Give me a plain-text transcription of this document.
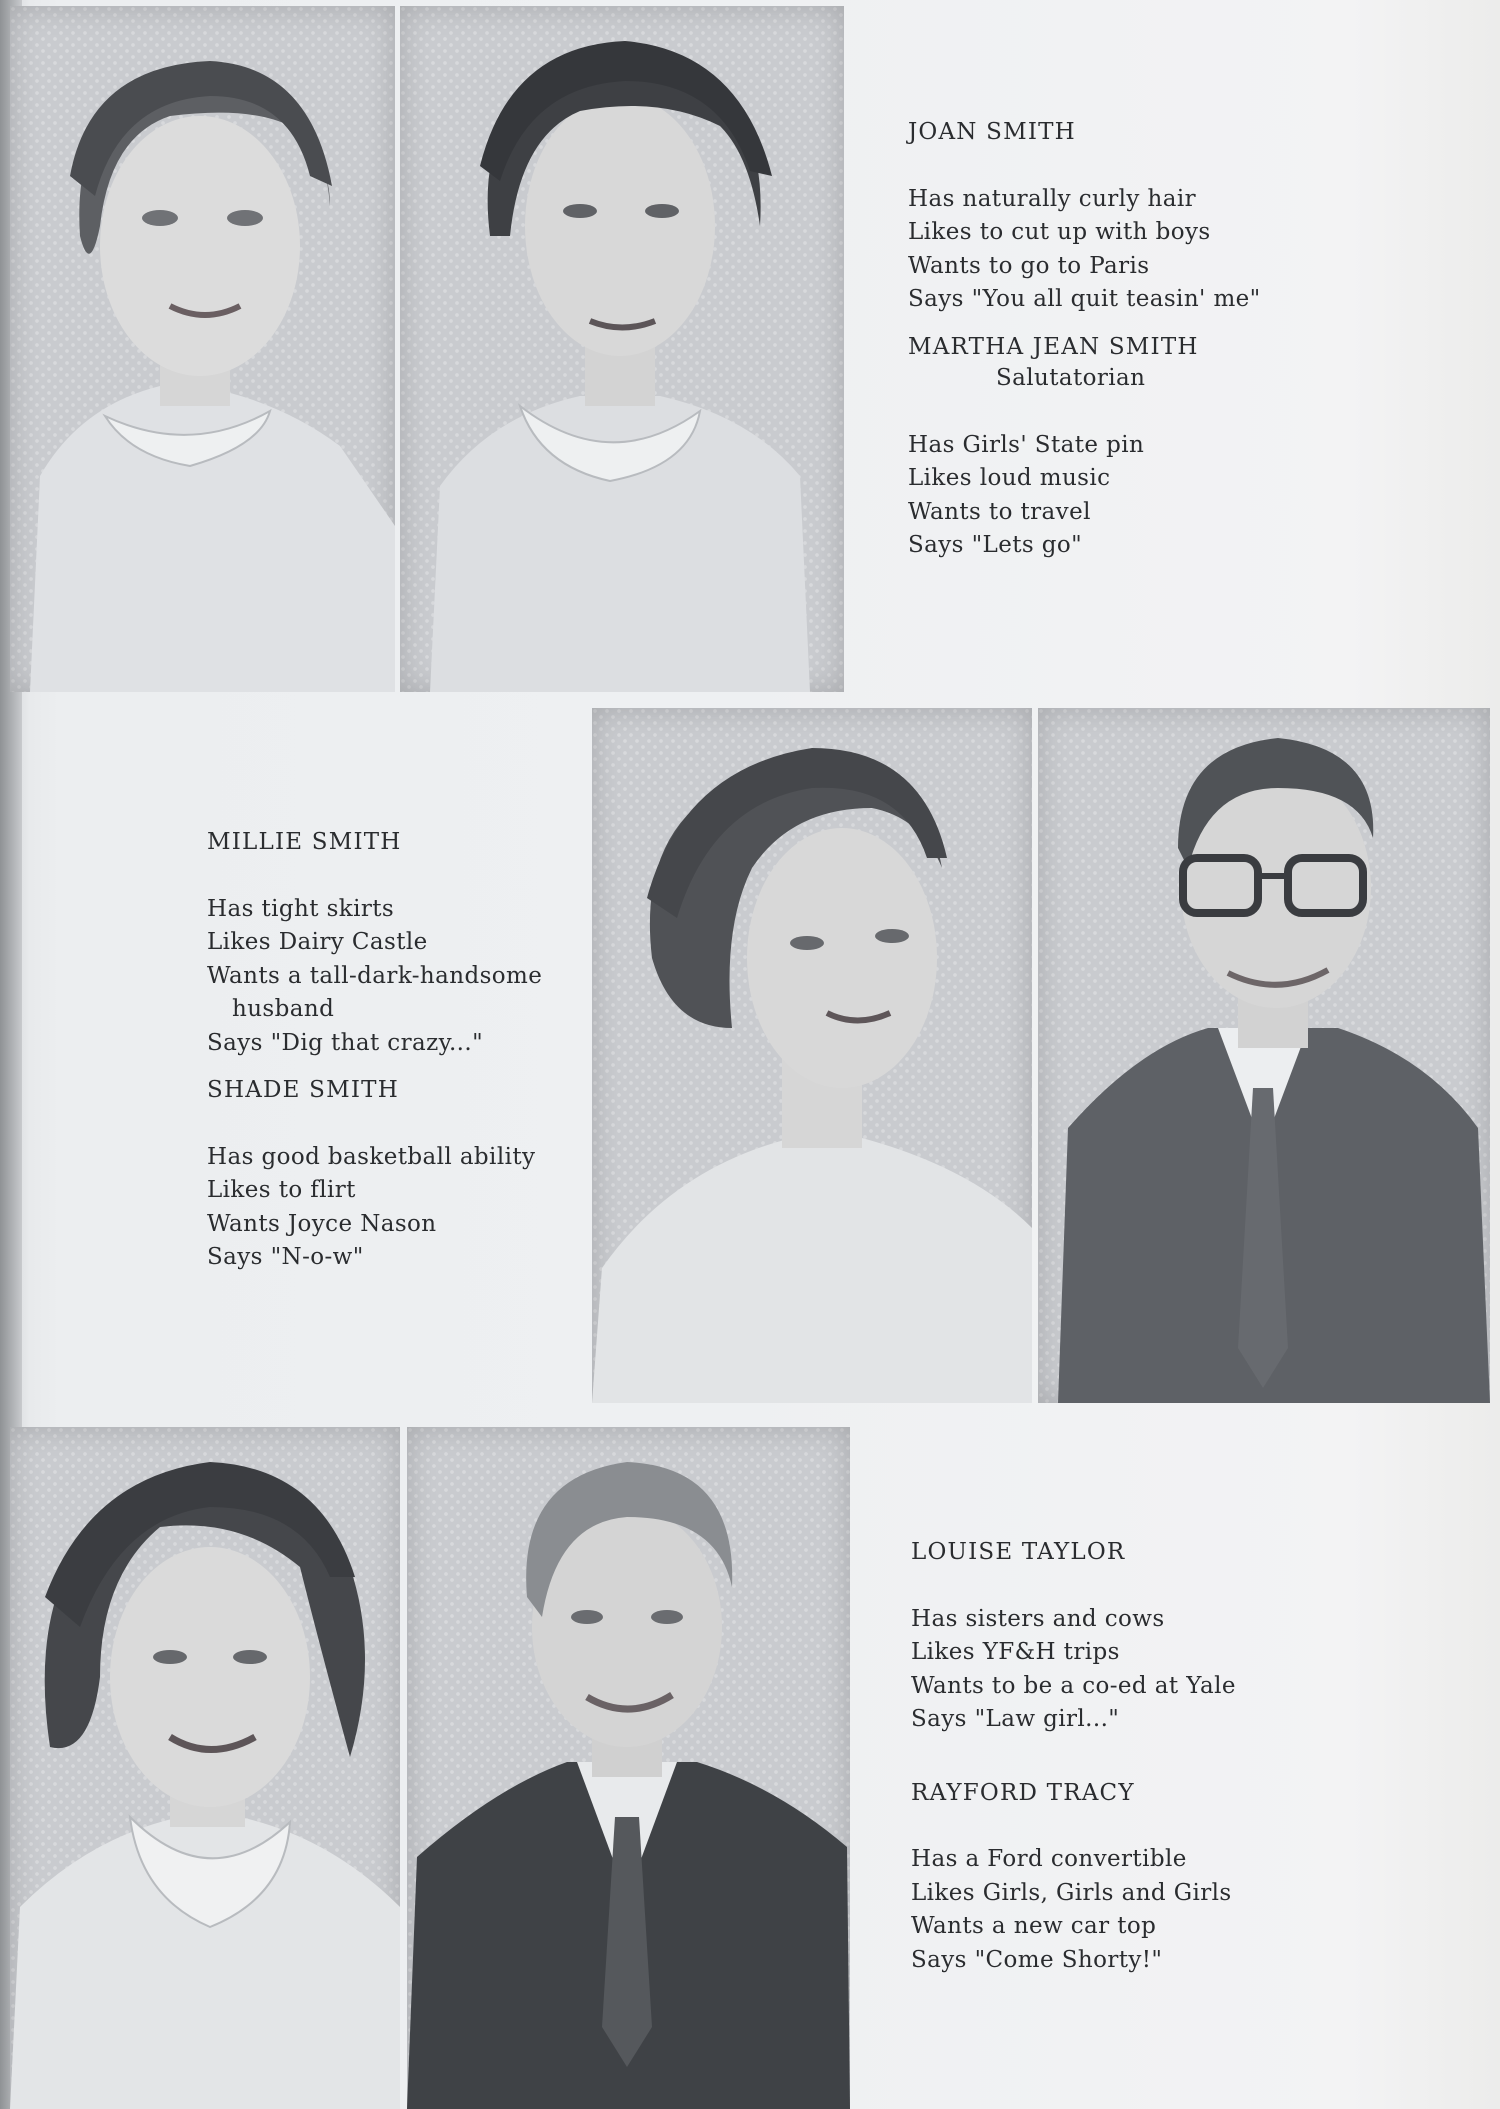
JOAN SMITH
Has naturally curly hair
Likes to cut up with boys
Wants to go to Paris
Says "You all quit teasin' me"
MARTHA JEAN SMITH
Salutatorian
Has Girls' State pin
Likes loud music
Wants to travel
Says "Lets go"
MILLIE SMITH
Has tight skirts
Likes Dairy Castle
Wants a tall-dark-handsome
husband
Says "Dig that crazy..."
SHADE SMITH
Has good basketball ability
Likes to flirt
Wants Joyce Nason
Says "N-o-w"
LOUISE TAYLOR
Has sisters and cows
Likes YF&H trips
Wants to be a co-ed at Yale
Says "Law girl..."
RAYFORD TRACY
Has a Ford convertible
Likes Girls, Girls and Girls
Wants a new car top
Says "Come Shorty!"
